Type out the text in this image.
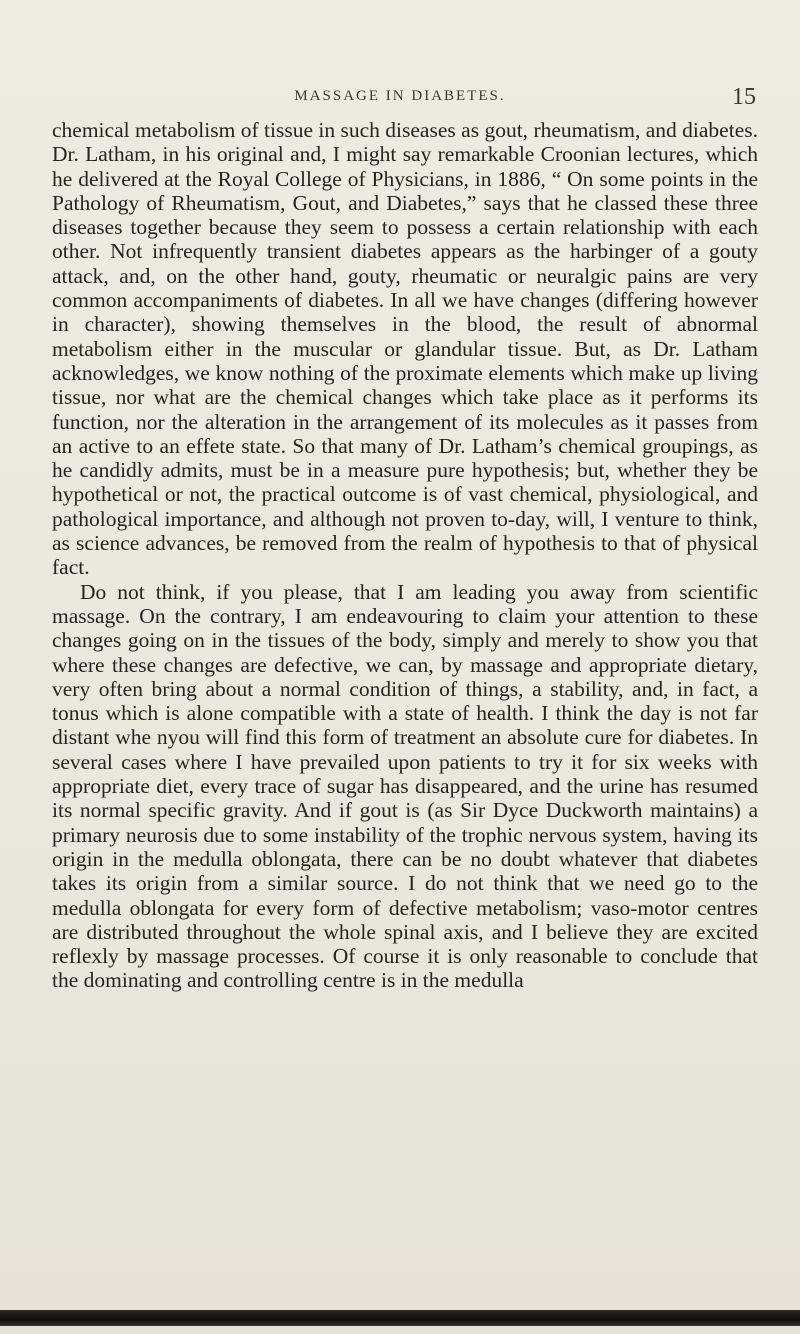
MASSAGE IN DIABETES.	15

chemical metabolism of tissue in such diseases as gout, rheumatism, and diabetes. Dr. Latham, in his original and, I might say remarkable Croonian lectures, which he delivered at the Royal College of Physicians, in 1886, “ On some points in the Pathology of Rheumatism, Gout, and Diabetes,” says that he classed these three diseases together because they seem to possess a certain relationship with each other. Not infrequently transient diabetes appears as the harbinger of a gouty attack, and, on the other hand, gouty, rheumatic or neuralgic pains are very common accompaniments of diabetes. In all we have changes (differing however in character), showing themselves in the blood, the result of abnormal metabolism either in the muscular or glandular tissue. But, as Dr. Latham acknowledges, we know nothing of the proximate elements which make up living tissue, nor what are the chemical changes which take place as it performs its function, nor the alteration in the arrangement of its molecules as it passes from an active to an effete state. So that many of Dr. Latham’s chemical groupings, as he candidly admits, must be in a measure pure hypothesis; but, whether they be hypothetical or not, the practical outcome is of vast chemical, physiological, and pathological importance, and although not proven to-day, will, I venture to think, as science advances, be removed from the realm of hypothesis to that of physical fact.

Do not think, if you please, that I am leading you away from scientific massage. On the contrary, I am endeavouring to claim your attention to these changes going on in the tissues of the body, simply and merely to show you that where these changes are defective, we can, by massage and appropriate dietary, very often bring about a normal condition of things, a stability, and, in fact, a tonus which is alone compatible with a state of health. I think the day is not far distant whe nyou will find this form of treatment an absolute cure for diabetes. In several cases where I have prevailed upon patients to try it for six weeks with appropriate diet, every trace of sugar has disappeared, and the urine has resumed its normal specific gravity. And if gout is (as Sir Dyce Duckworth maintains) a primary neurosis due to some instability of the trophic nervous system, having its origin in the medulla oblongata, there can be no doubt whatever that diabetes takes its origin from a similar source. I do not think that we need go to the medulla oblongata for every form of defective metabolism; vaso-motor centres are distributed throughout the whole spinal axis, and I believe they are excited reflexly by massage processes. Of course it is only reasonable to conclude that the dominating and controlling centre is in the medulla
